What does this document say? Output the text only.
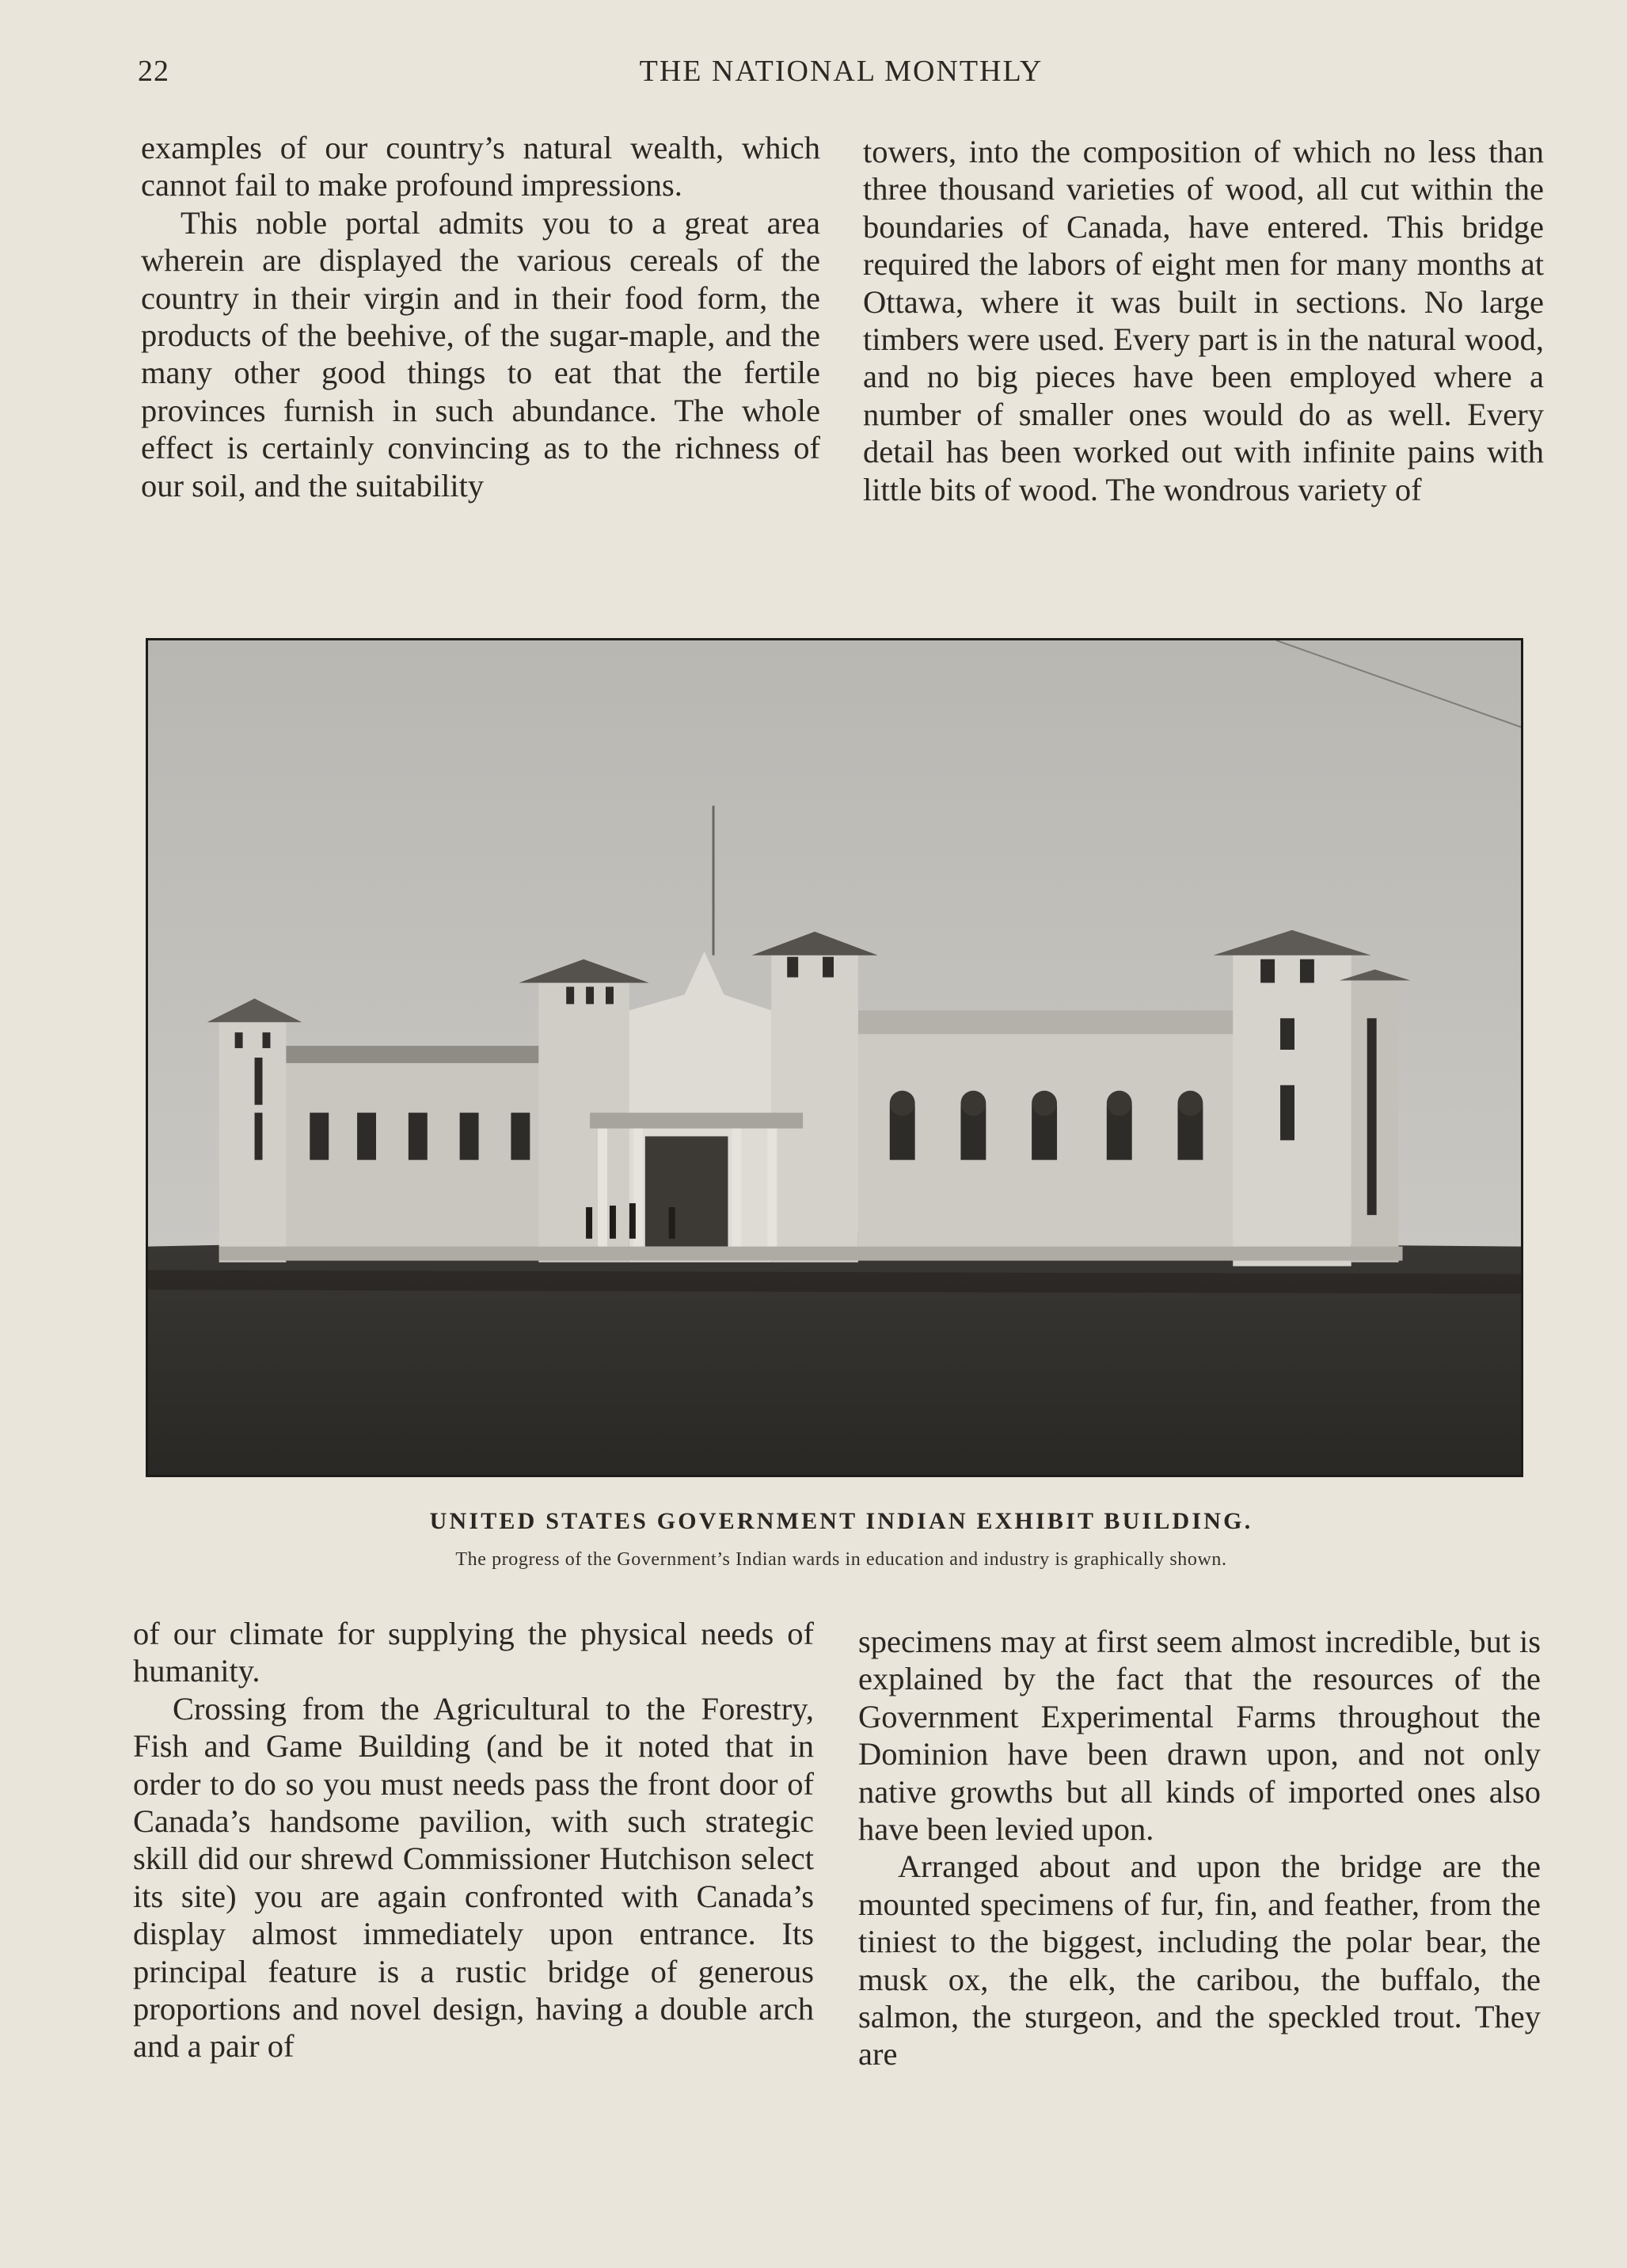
22	THE NATIONAL MONTHLY

examples of our country’s natural wealth, which cannot fail to make profound impressions.

This noble portal admits you to a great area wherein are displayed the various cereals of the country in their virgin and in their food form, the products of the beehive, of the sugar-maple, and the many other good things to eat that the fertile provinces furnish in such abundance. The whole effect is certainly convincing as to the richness of our soil, and the suitability

towers, into the composition of which no less than three thousand varieties of wood, all cut within the boundaries of Canada, have entered. This bridge required the labors of eight men for many months at Ottawa, where it was built in sections. No large timbers were used. Every part is in the natural wood, and no big pieces have been employed where a number of smaller ones would do as well. Every detail has been worked out with infinite pains with little bits of wood. The wondrous variety of

UNITED STATES GOVERNMENT INDIAN EXHIBIT BUILDING.
The progress of the Government’s Indian wards in education and industry is graphically shown.

of our climate for supplying the physical needs of humanity.

Crossing from the Agricultural to the Forestry, Fish and Game Building (and be it noted that in order to do so you must needs pass the front door of Canada’s handsome pavilion, with such strategic skill did our shrewd Commissioner Hutchison select its site) you are again confronted with Canada’s display almost immediately upon entrance. Its principal feature is a rustic bridge of generous proportions and novel design, having a double arch and a pair of

specimens may at first seem almost incredible, but is explained by the fact that the resources of the Government Experimental Farms throughout the Dominion have been drawn upon, and not only native growths but all kinds of imported ones also have been levied upon.

Arranged about and upon the bridge are the mounted specimens of fur, fin, and feather, from the tiniest to the biggest, including the polar bear, the musk ox, the elk, the caribou, the buffalo, the salmon, the sturgeon, and the speckled trout. They are
